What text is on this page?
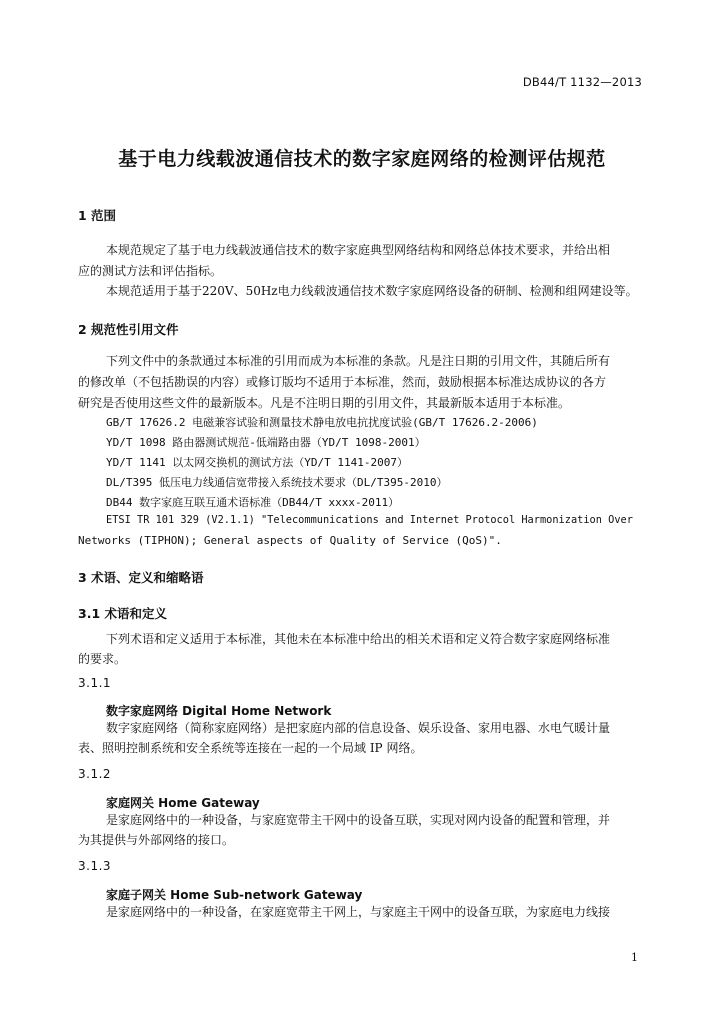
DB44/T 1132—2013
基于电力线载波通信技术的数字家庭网络的检测评估规范
1 范围
本规范规定了基于电力线载波通信技术的数字家庭典型网络结构和网络总体技术要求，并给出相
应的测试方法和评估指标。
本规范适用于基于220V、50Hz电力线载波通信技术数字家庭网络设备的研制、检测和组网建设等。
2 规范性引用文件
下列文件中的条款通过本标准的引用而成为本标准的条款。凡是注日期的引用文件，其随后所有
的修改单（不包括勘误的内容）或修订版均不适用于本标准，然而，鼓励根据本标准达成协议的各方
研究是否使用这些文件的最新版本。凡是不注明日期的引用文件，其最新版本适用于本标准。
GB/T 17626.2 电磁兼容试验和测量技术静电放电抗扰度试验(GB/T 17626.2-2006)
YD/T 1098 路由器测试规范-低端路由器（YD/T 1098-2001）
YD/T 1141 以太网交换机的测试方法（YD/T 1141-2007）
DL/T395 低压电力线通信宽带接入系统技术要求（DL/T395-2010）
DB44 数字家庭互联互通术语标准（DB44/T xxxx-2011）
ETSI TR 101 329 (V2.1.1) "Telecommunications and Internet Protocol Harmonization Over
Networks (TIPHON); General aspects of Quality of Service (QoS)".
3 术语、定义和缩略语
3.1 术语和定义
下列术语和定义适用于本标准，其他未在本标准中给出的相关术语和定义符合数字家庭网络标准
的要求。
3.1.1
数字家庭网络 Digital Home Network
数字家庭网络（简称家庭网络）是把家庭内部的信息设备、娱乐设备、家用电器、水电气暖计量
表、照明控制系统和安全系统等连接在一起的一个局域 IP 网络。
3.1.2
家庭网关 Home Gateway
是家庭网络中的一种设备，与家庭宽带主干网中的设备互联，实现对网内设备的配置和管理，并
为其提供与外部网络的接口。
3.1.3
家庭子网关 Home Sub-network Gateway
是家庭网络中的一种设备，在家庭宽带主干网上，与家庭主干网中的设备互联，为家庭电力线接
1
